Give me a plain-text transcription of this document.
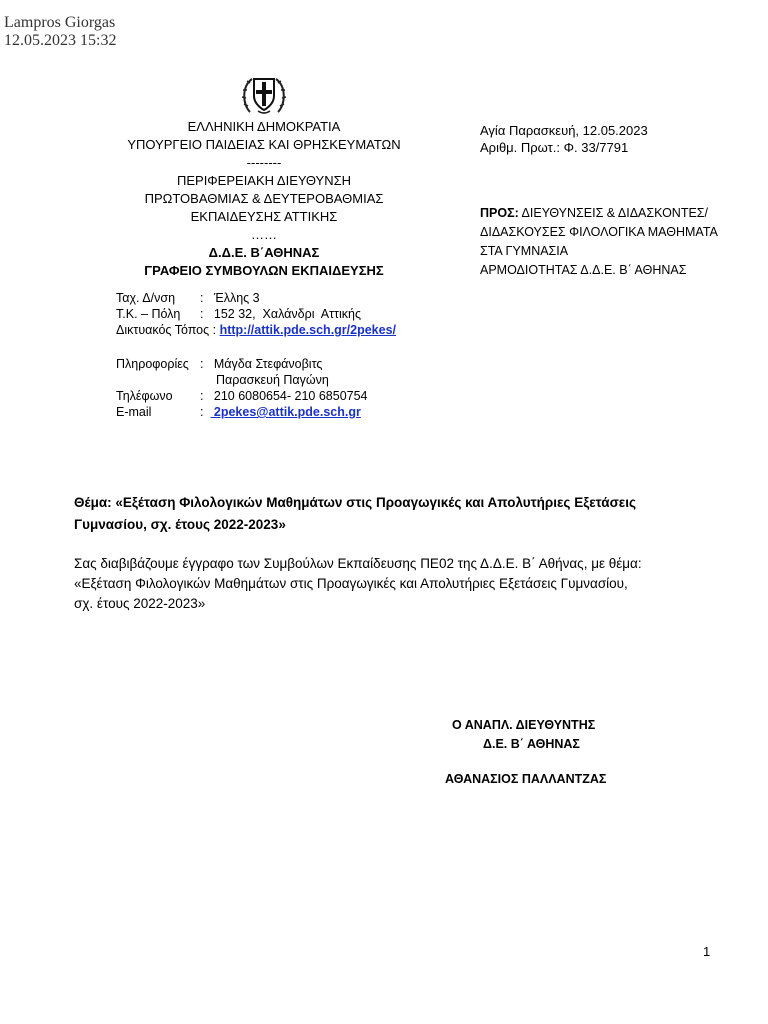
Lampros Giorgas
12.05.2023 15:32
ΕΛΛΗΝΙΚΗ ΔΗΜΟΚΡΑΤΙΑ
ΥΠΟΥΡΓΕΙΟ ΠΑΙΔΕΙΑΣ ΚΑΙ ΘΡΗΣΚΕΥΜΑΤΩΝ
--------
ΠΕΡΙΦΕΡΕΙΑΚΗ ΔΙΕΥΘΥΝΣΗ
ΠΡΩΤΟΒΑΘΜΙΑΣ & ΔΕΥΤΕΡΟΒΑΘΜΙΑΣ
ΕΚΠΑΙΔΕΥΣΗΣ ΑΤΤΙΚΗΣ
……
Δ.Δ.Ε. Β΄ΑΘΗΝΑΣ
ΓΡΑΦΕΙΟ ΣΥΜΒΟΥΛΩΝ ΕΚΠΑΙΔΕΥΣΗΣ
Αγία Παρασκευή, 12.05.2023
Αριθμ. Πρωτ.: Φ. 33/7791
ΠΡΟΣ: ΔΙΕΥΘΥΝΣΕΙΣ & ΔΙΔΑΣΚΟΝΤΕΣ/
ΔΙΔΑΣΚΟΥΣΕΣ ΦΙΛΟΛΟΓΙΚΑ ΜΑΘΗΜΑΤΑ
ΣΤΑ ΓΥΜΝΑΣΙΑ
ΑΡΜΟΔΙΟΤΗΤΑΣ Δ.Δ.Ε. Β΄ ΑΘΗΝΑΣ
Ταχ. Δ/νση	:   Έλλης 3
Τ.Κ. – Πόλη	:   152 32,  Χαλάνδρι  Αττικής
Δικτυακός Τόπος : http://attik.pde.sch.gr/2pekes/
Πληροφορίες :   Μάγδα Στεφάνοβιτς
Παρασκευή Παγώνη
Τηλέφωνο	:   210 6080654- 210 6850754
E-mail	: 2pekes@attik.pde.sch.gr
Θέμα: «Εξέταση Φιλολογικών Μαθημάτων στις Προαγωγικές και Απολυτήριες Εξετάσεις
Γυμνασίου, σχ. έτους 2022-2023»
Σας διαβιβάζουμε έγγραφο των Συμβούλων Εκπαίδευσης ΠΕ02 της Δ.Δ.Ε. Β΄ Αθήνας, με θέμα:
«Εξέταση Φιλολογικών Μαθημάτων στις Προαγωγικές και Απολυτήριες Εξετάσεις Γυμνασίου,
σχ. έτους 2022-2023»
Ο ΑΝΑΠΛ. ΔΙΕΥΘΥΝΤΗΣ
Δ.Ε. Β΄ ΑΘΗΝΑΣ
ΑΘΑΝΑΣΙΟΣ ΠΑΛΛΑΝΤΖΑΣ
1
